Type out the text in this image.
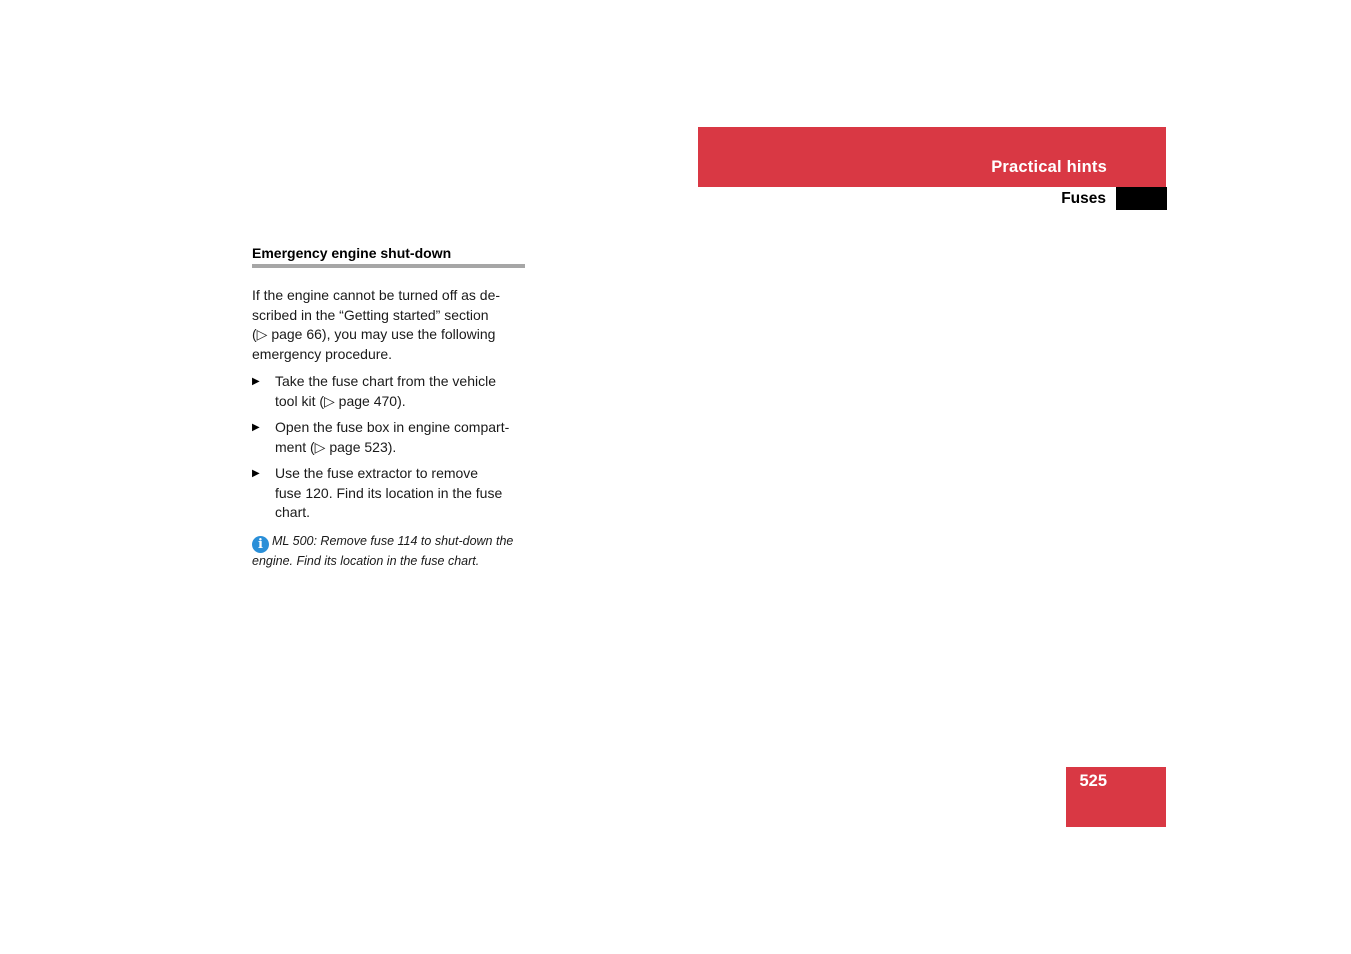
Practical hints
Fuses
Emergency engine shut-down

If the engine cannot be turned off as de-
scribed in the “Getting started” section
(▷ page 66), you may use the following
emergency procedure.

▶ Take the fuse chart from the vehicle
tool kit (▷ page 470).
▶ Open the fuse box in engine compart-
ment (▷ page 523).
▶ Use the fuse extractor to remove
fuse 120. Find its location in the fuse
chart.
i ML 500: Remove fuse 114 to shut-down the
engine. Find its location in the fuse chart.
525
